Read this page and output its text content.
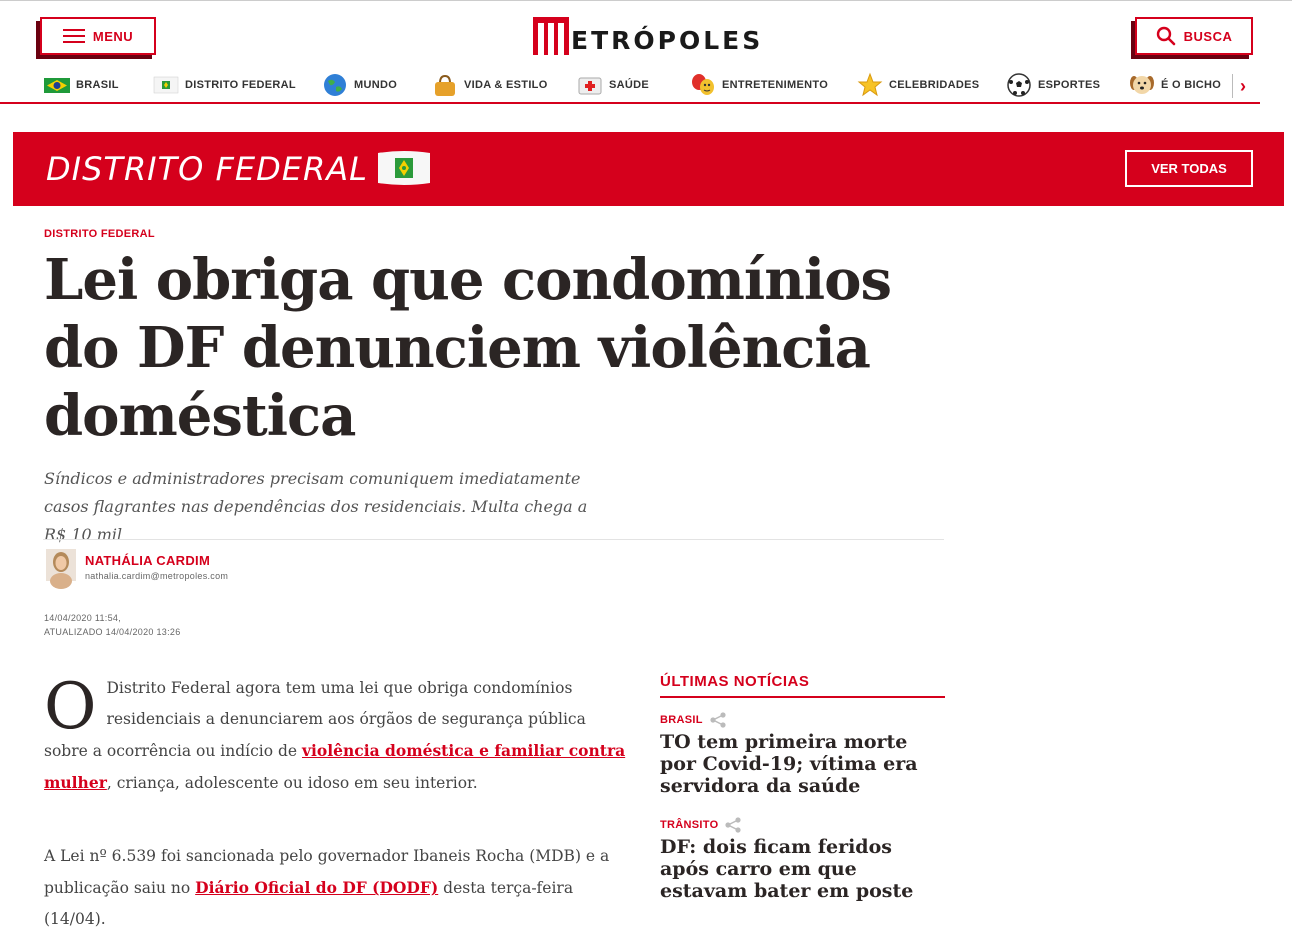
MENU	ETRÓPOLES	BUSCA
BRASIL	DISTRITO FEDERAL	MUNDO	VIDA & ESTILO	SAÚDE	ENTRETENIMENTO	CELEBRIDADES	ESPORTES	É O BICHO ›
DISTRITO FEDERAL	VER TODAS
DISTRITO FEDERAL
Lei obriga que condomínios do DF denunciem violência doméstica

Síndicos e administradores precisam comuniquem imediatamente casos flagrantes nas dependências dos residenciais. Multa chega a R$ 10 mil

NATHÁLIA CARDIM
nathalia.cardim@metropoles.com
14/04/2020 11:54,
ATUALIZADO 14/04/2020 13:26

O Distrito Federal agora tem uma lei que obriga condomínios residenciais a denunciarem aos órgãos de segurança pública sobre a ocorrência ou indício de violência doméstica e familiar contra mulher, criança, adolescente ou idoso em seu interior.

A Lei nº 6.539 foi sancionada pelo governador Ibaneis Rocha (MDB) e a publicação saiu no Diário Oficial do DF (DODF) desta terça-feira (14/04).

ÚLTIMAS NOTÍCIAS
BRASIL
TO tem primeira morte por Covid-19; vítima era servidora da saúde
TRÂNSITO
DF: dois ficam feridos após carro em que estavam bater em poste
